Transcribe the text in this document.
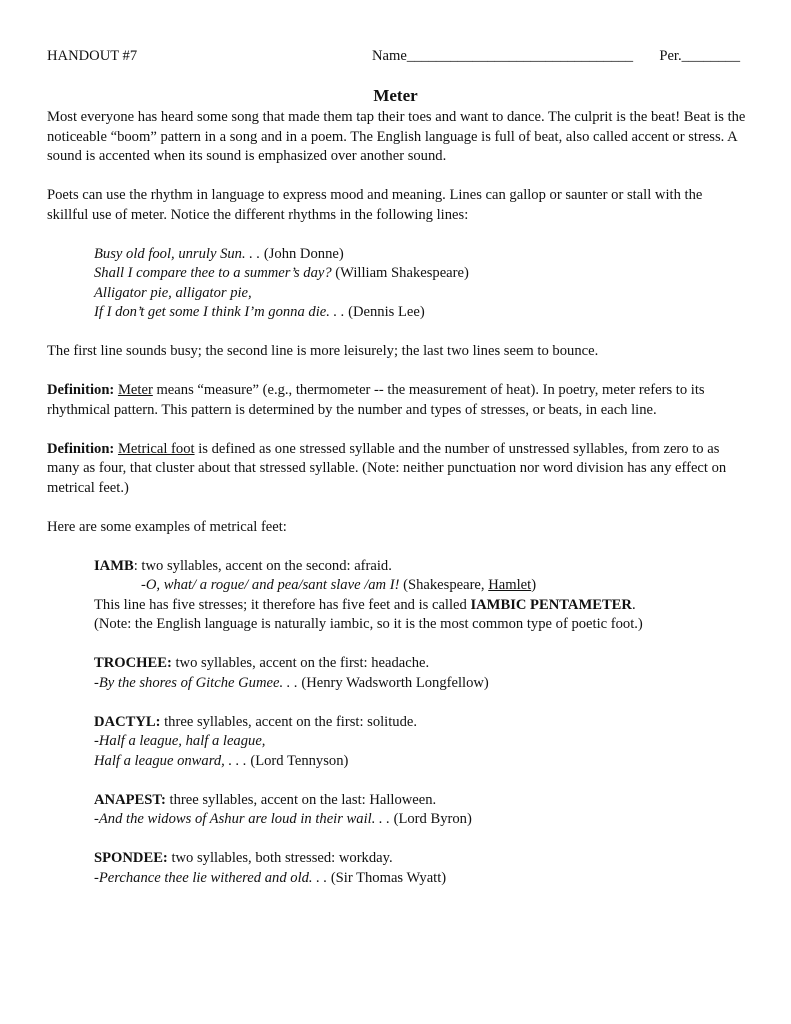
HANDOUT #7	Name_______________________________ Per.________
Meter

Most everyone has heard some song that made them tap their toes and want to dance. The culprit is the beat! Beat is the noticeable “boom” pattern in a song and in a poem. The English language is full of beat, also called accent or stress. A sound is accented when its sound is emphasized over another sound.

Poets can use the rhythm in language to express mood and meaning. Lines can gallop or saunter or stall with the skillful use of meter. Notice the different rhythms in the following lines:

Busy old fool, unruly Sun. . . (John Donne)

Shall I compare thee to a summer’s day? (William Shakespeare)

Alligator pie, alligator pie,

If I don’t get some I think I’m gonna die. . . (Dennis Lee)

The first line sounds busy; the second line is more leisurely; the last two lines seem to bounce.

Definition: Meter means “measure” (e.g., thermometer -- the measurement of heat). In poetry, meter refers to its rhythmical pattern. This pattern is determined by the number and types of stresses, or beats, in each line.

Definition: Metrical foot is defined as one stressed syllable and the number of unstressed syllables, from zero to as many as four, that cluster about that stressed syllable. (Note: neither punctuation nor word division has any effect on metrical feet.)

Here are some examples of metrical feet:

IAMB: two syllables, accent on the second: afraid.

-O, what/ a rogue/ and pea/sant slave /am I! (Shakespeare, Hamlet)

This line has five stresses; it therefore has five feet and is called IAMBIC PENTAMETER.

(Note: the English language is naturally iambic, so it is the most common type of poetic foot.)

TROCHEE: two syllables, accent on the first: headache.

-By the shores of Gitche Gumee. . . (Henry Wadsworth Longfellow)

DACTYL: three syllables, accent on the first: solitude.

-Half a league, half a league,

Half a league onward, . . . (Lord Tennyson)

ANAPEST: three syllables, accent on the last: Halloween.

-And the widows of Ashur are loud in their wail. . . (Lord Byron)

SPONDEE: two syllables, both stressed: workday.

-Perchance thee lie withered and old. . . (Sir Thomas Wyatt)
